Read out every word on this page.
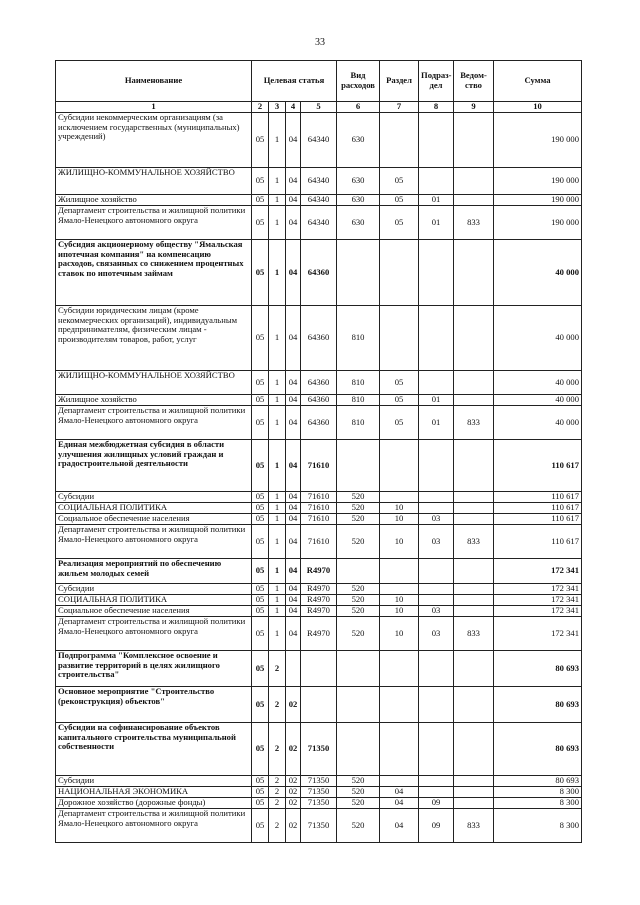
33
Наименование	Целевая статья				Вид расходов	Раздел	Подраз-дел	Ведом-ство	Сумма
1	2	3	4	5	6	7	8	9	10
Субсидии некоммерческим организациям (за исключением государственных (муниципальных) учреждений)	05	1	04	64340	630				190 000
ЖИЛИЩНО-КОММУНАЛЬНОЕ ХОЗЯЙСТВО	05	1	04	64340	630	05			190 000
Жилищное хозяйство	05	1	04	64340	630	05	01		190 000
Департамент строительства и жилищной политики Ямало-Ненецкого автономного округа	05	1	04	64340	630	05	01	833	190 000
Субсидия акционерному обществу "Ямальская ипотечная компания" на компенсацию расходов, связанных со снижением процентных ставок по ипотечным займам	05	1	04	64360					40 000
Субсидии юридическим лицам (кроме некоммерческих организаций), индивидуальным предпринимателям, физическим лицам - производителям товаров, работ, услуг	05	1	04	64360	810				40 000
ЖИЛИЩНО-КОММУНАЛЬНОЕ ХОЗЯЙСТВО	05	1	04	64360	810	05			40 000
Жилищное хозяйство	05	1	04	64360	810	05	01		40 000
Департамент строительства и жилищной политики Ямало-Ненецкого автономного округа	05	1	04	64360	810	05	01	833	40 000
Единая межбюджетная субсидия в области улучшения жилищных условий граждан и градостроительной деятельности	05	1	04	71610					110 617
Субсидии	05	1	04	71610	520				110 617
СОЦИАЛЬНАЯ ПОЛИТИКА	05	1	04	71610	520	10			110 617
Социальное обеспечение населения	05	1	04	71610	520	10	03		110 617
Департамент строительства и жилищной политики Ямало-Ненецкого автономного округа	05	1	04	71610	520	10	03	833	110 617
Реализация мероприятий по обеспечению жильем молодых семей	05	1	04	R4970					172 341
Субсидии	05	1	04	R4970	520				172 341
СОЦИАЛЬНАЯ ПОЛИТИКА	05	1	04	R4970	520	10			172 341
Социальное обеспечение населения	05	1	04	R4970	520	10	03		172 341
Департамент строительства и жилищной политики Ямало-Ненецкого автономного округа	05	1	04	R4970	520	10	03	833	172 341
Подпрограмма "Комплексное освоение и развитие территорий в целях жилищного строительства"	05	2							80 693
Основное мероприятие "Строительство (реконструкция) объектов"	05	2	02						80 693
Субсидии на софинансирование объектов капитального строительства муниципальной собственности	05	2	02	71350					80 693
Субсидии	05	2	02	71350	520				80 693
НАЦИОНАЛЬНАЯ ЭКОНОМИКА	05	2	02	71350	520	04			8 300
Дорожное хозяйство (дорожные фонды)	05	2	02	71350	520	04	09		8 300
Департамент строительства и жилищной политики Ямало-Ненецкого автономного округа	05	2	02	71350	520	04	09	833	8 300
